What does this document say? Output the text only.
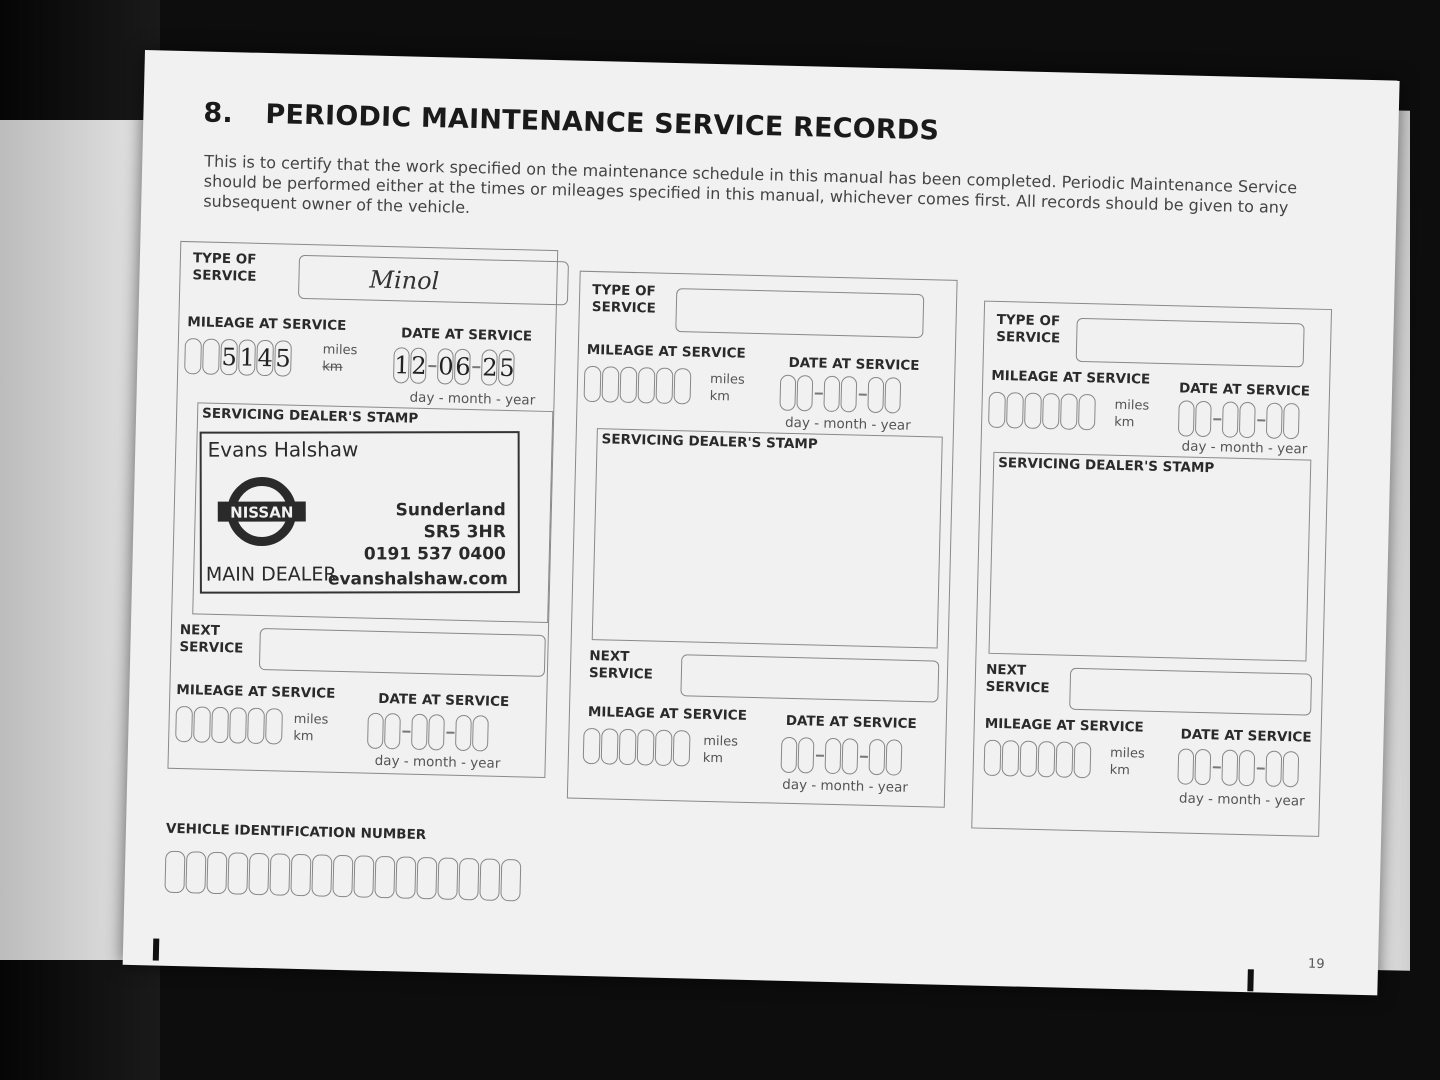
8. PERIODIC MAINTENANCE SERVICE RECORDS
This is to certify that the work specified on the maintenance schedule in this manual has been completed. Periodic Maintenance Service should be performed either at the times or mileages specified in this manual, whichever comes first. All records should be given to any subsequent owner of the vehicle.
TYPE OF SERVICE	Minol
MILEAGE AT SERVICE
DATE AT SERVICE
5 1 4 5 miles
km	1 2 0 6 2 5
day - month - year
SERVICING DEALER'S STAMP
Evans Halshaw
NISSAN	Sunderland
SR5 3HR
0191 537 0400
MAIN DEALER
evanshalshaw.com
NEXT SERVICE
MILEAGE AT SERVICE	DATE AT SERVICE
miles
km
day - month - year
TYPE OF SERVICE
MILEAGE AT SERVICE
DATE AT SERVICE
miles
km
day - month - year
SERVICING DEALER'S STAMP
NEXT SERVICE
MILEAGE AT SERVICE	DATE AT SERVICE
miles
km
day - month - year
TYPE OF SERVICE
MILEAGE AT SERVICE
DATE AT SERVICE
miles
km
day - month - year
SERVICING DEALER'S STAMP
NEXT SERVICE
MILEAGE AT SERVICE
DATE AT SERVICE
miles
km
day - month - year
VEHICLE IDENTIFICATION NUMBER
19
